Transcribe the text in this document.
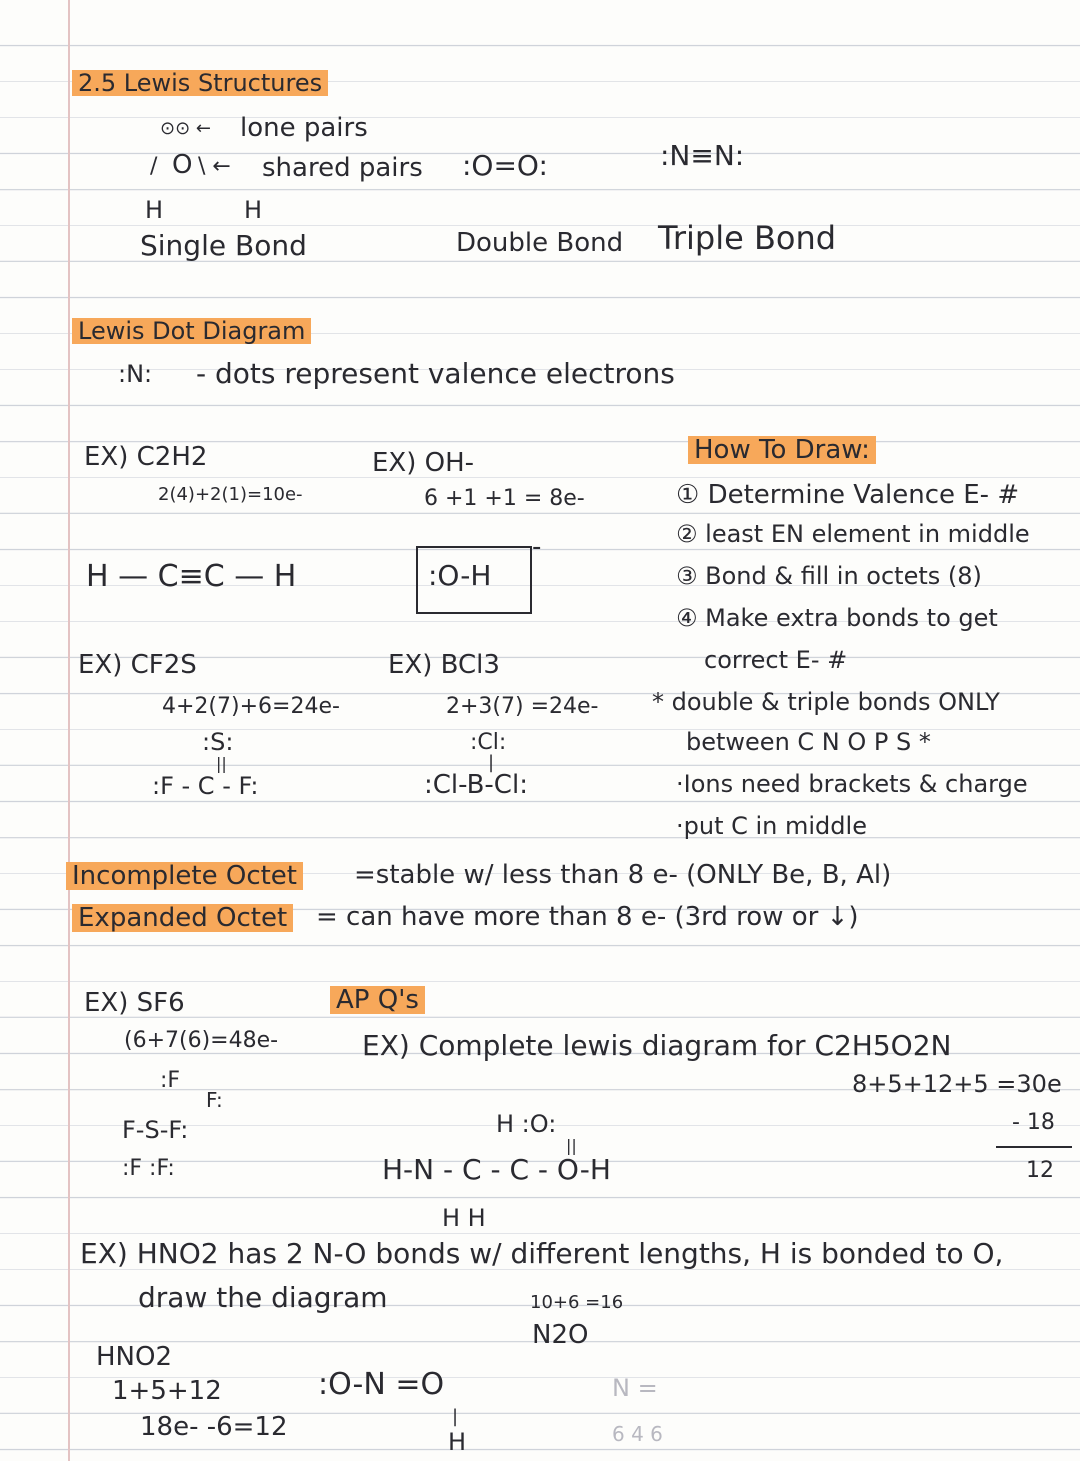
2.5 Lewis Structures
⊙⊙ ← lone pairs
O
/ \ ← shared pairs
H	H
Single Bond
:O=O:
Double Bond
:N≡N:
Triple Bond
Lewis Dot Diagram
:N: - dots represent valence electrons
EX) C2H2
2(4)+2(1)=10e-
H — C≡C — H
EX) OH-
6 +1 +1 = 8e-
:O-H
-
EX) CF2S
4+2(7)+6=24e-
:S:
||
:F - C - F:
EX) BCl3
2+3(7) =24e-
:Cl:
|
:Cl-B-Cl:
How To Draw:
① Determine Valence E- #
② least EN element in middle
③ Bond & fill in octets (8)
④ Make extra bonds to get
correct E- #
* double & triple bonds ONLY
between C N O P S *
·Ions need brackets & charge
·put C in middle
Incomplete Octet =stable w/ less than 8 e- (ONLY Be, B, Al)
Expanded Octet = can have more than 8 e- (3rd row or ↓)
EX) SF6
(6+7(6)=48e-
:F
F:
F-S-F:
:F :F:
AP Q's
EX) Complete lewis diagram for C2H5O2N
8+5+12+5 =30e
- 18
12
H :O:
||
H-N - C - C - O-H
H H
EX) HNO2 has 2 N-O bonds w/ different lengths, H is bonded to O,
draw the diagram	10+6 =16
N2O
HNO2
1+5+12
18e- -6=12
:O-N =O
|
H
N =
6 4 6
